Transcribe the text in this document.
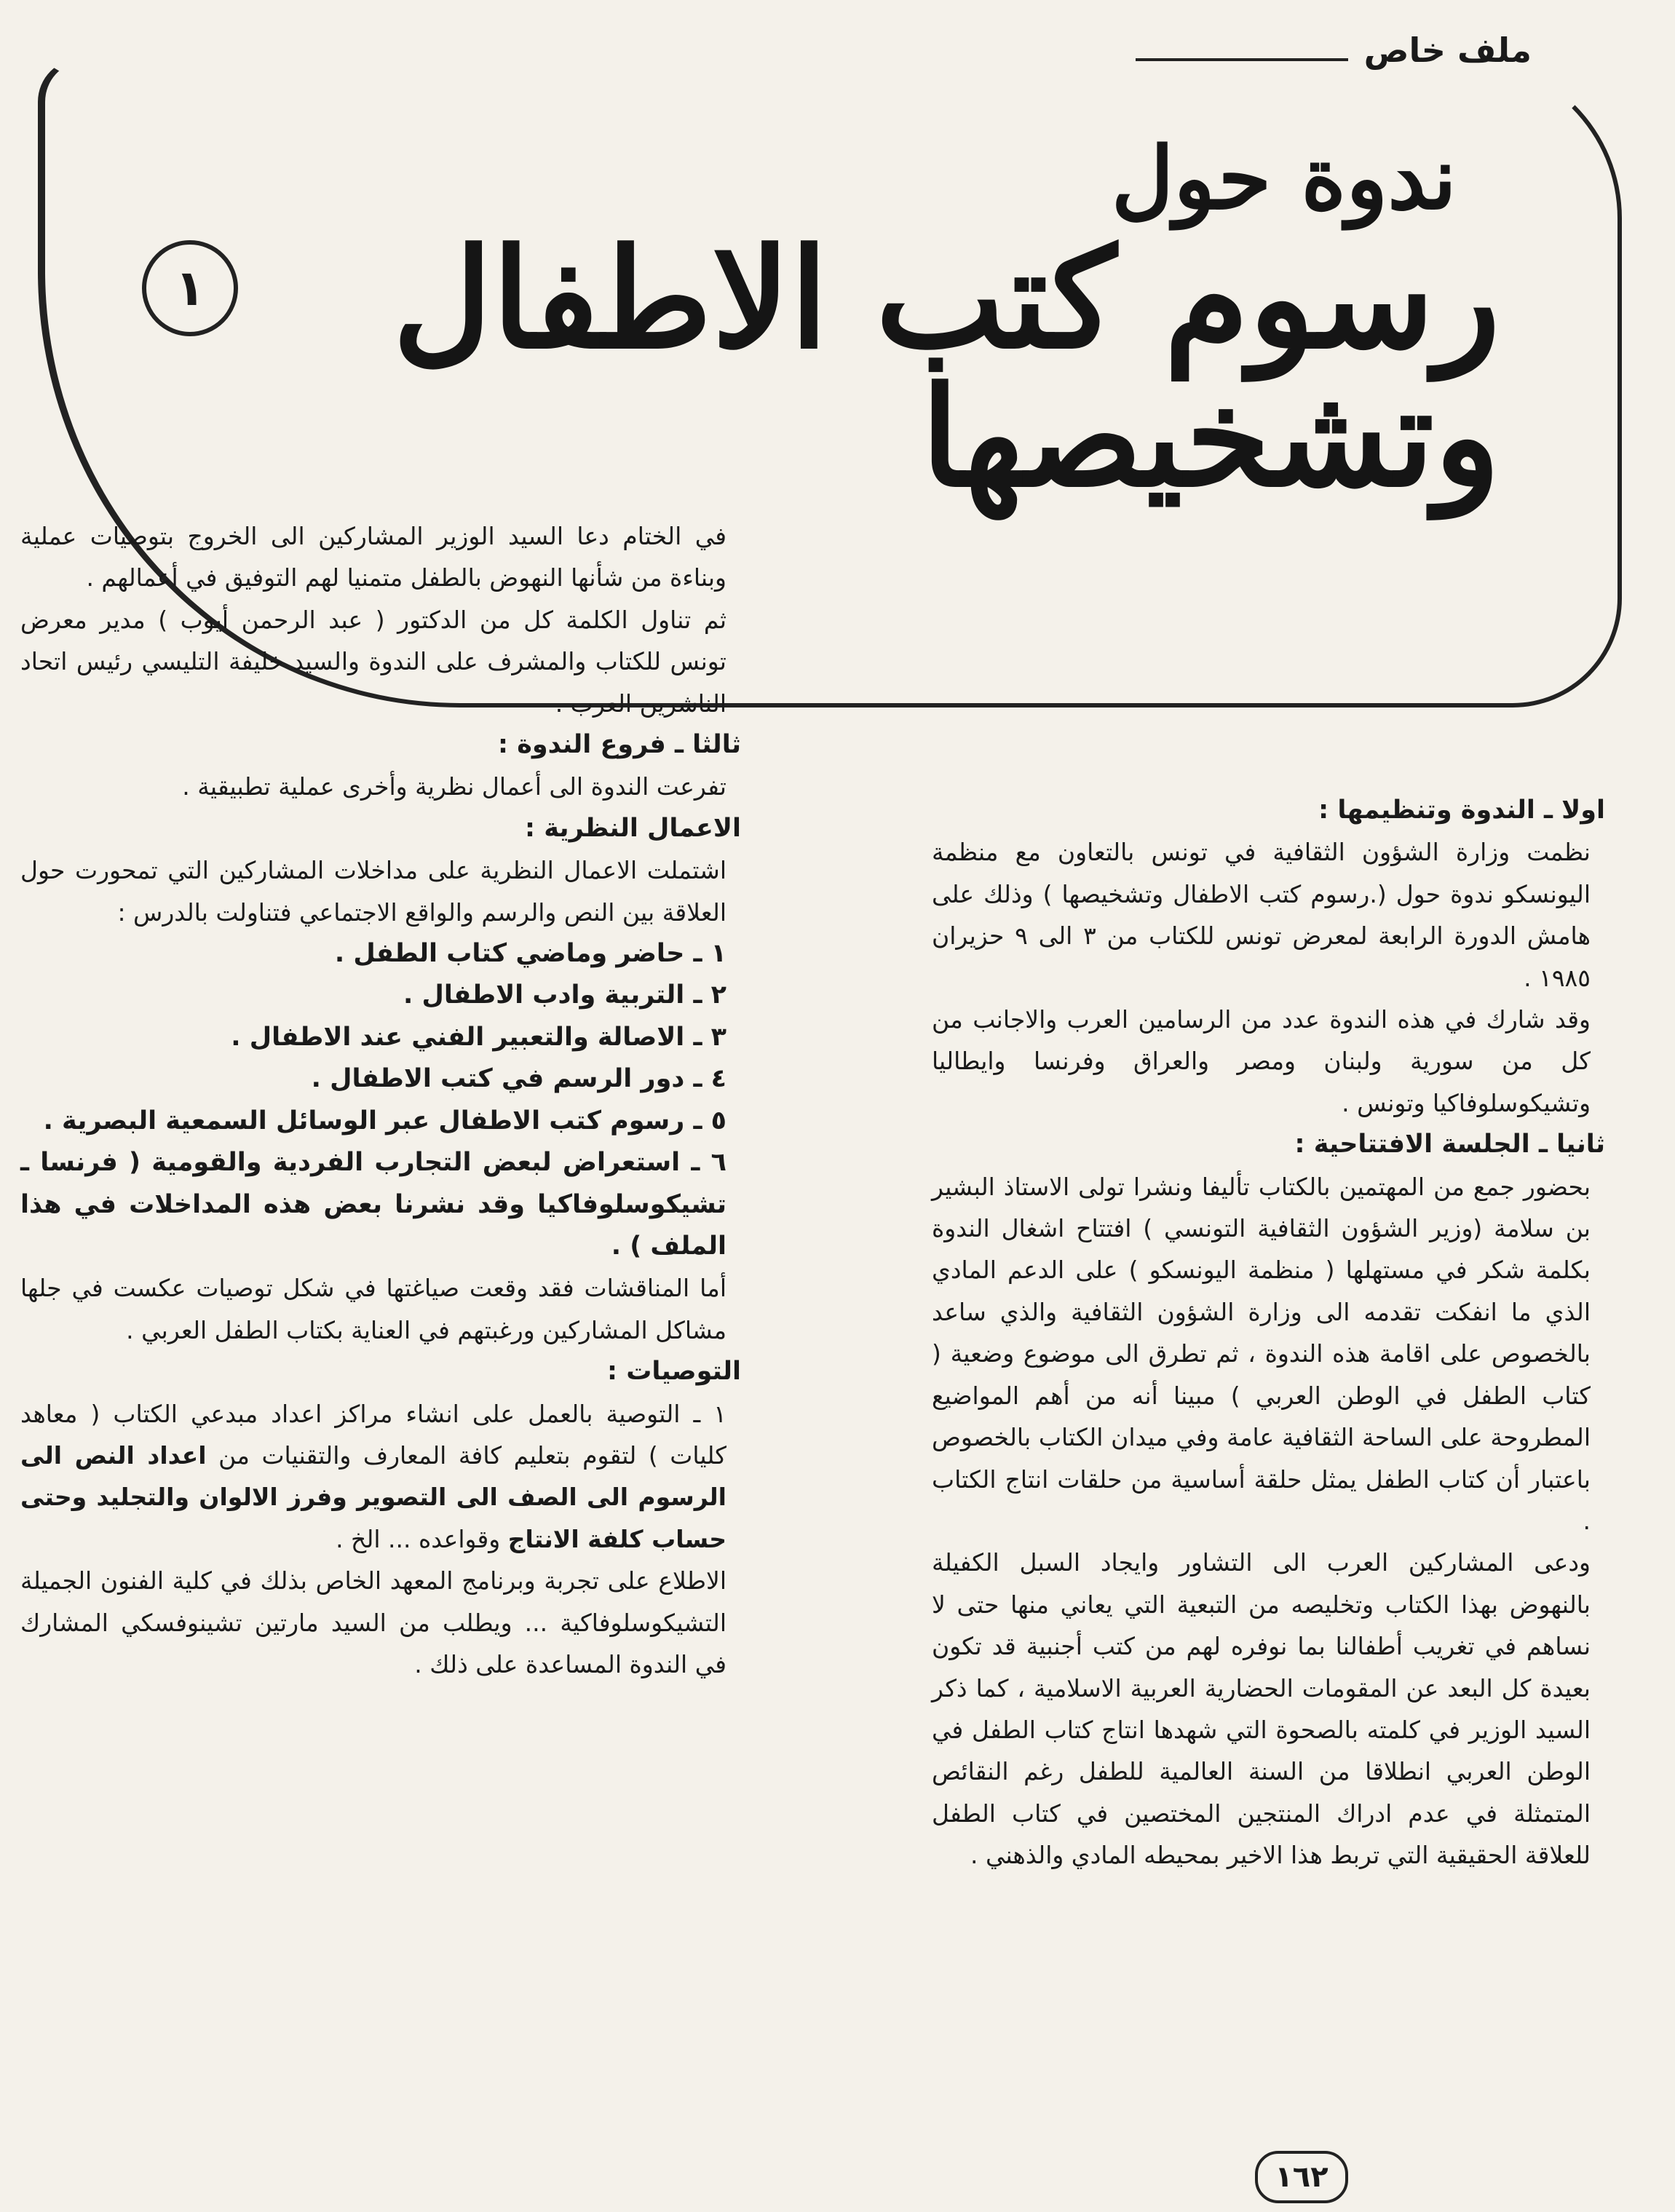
ملف خاص
ندوة حول
رسوم كتب الاطفال
وتشخيصها
١

اولا ـ الندوة وتنظيمها :

نظمت وزارة الشؤون الثقافية في تونس بالتعاون مع منظمة اليونسكو ندوة حول (.رسوم كتب الاطفال وتشخيصها ) وذلك على هامش الدورة الرابعة لمعرض تونس للكتاب من ٣ الى ٩ حزيران ١٩٨٥ .

وقد شارك في هذه الندوة عدد من الرسامين العرب والاجانب من كل من سورية ولبنان ومصر والعراق وفرنسا وايطاليا وتشيكوسلوفاكيا وتونس .

ثانيا ـ الجلسة الافتتاحية :

بحضور جمع من المهتمين بالكتاب تأليفا ونشرا تولى الاستاذ البشير بن سلامة (وزير الشؤون الثقافية التونسي ) افتتاح اشغال الندوة بكلمة شكر في مستهلها ( منظمة اليونسكو ) على الدعم المادي الذي ما انفكت تقدمه الى وزارة الشؤون الثقافية والذي ساعد بالخصوص على اقامة هذه الندوة ، ثم تطرق الى موضوع وضعية ( كتاب الطفل في الوطن العربي ) مبينا أنه من أهم المواضيع المطروحة على الساحة الثقافية عامة وفي ميدان الكتاب بالخصوص باعتبار أن كتاب الطفل يمثل حلقة أساسية من حلقات انتاج الكتاب .

ودعى المشاركين العرب الى التشاور وايجاد السبل الكفيلة بالنهوض بهذا الكتاب وتخليصه من التبعية التي يعاني منها حتى لا نساهم في تغريب أطفالنا بما نوفره لهم من كتب أجنبية قد تكون بعيدة كل البعد عن المقومات الحضارية العربية الاسلامية ، كما ذكر السيد الوزير في كلمته بالصحوة التي شهدها انتاج كتاب الطفل في الوطن العربي انطلاقا من السنة العالمية للطفل رغم النقائص المتمثلة في عدم ادراك المنتجين المختصين في كتاب الطفل للعلاقة الحقيقية التي تربط هذا الاخير بمحيطه المادي والذهني .

في الختام دعا السيد الوزير المشاركين الى الخروج بتوصيات عملية وبناءة من شأنها النهوض بالطفل متمنيا لهم التوفيق في أعمالهم .

ثم تناول الكلمة كل من الدكتور ( عبد الرحمن أيوب ) مدير معرض تونس للكتاب والمشرف على الندوة والسيد خليفة التليسي رئيس اتحاد الناشرين العرب .

ثالثا ـ فروع الندوة :

تفرعت الندوة الى أعمال نظرية وأخرى عملية تطبيقية .

الاعمال النظرية :

اشتملت الاعمال النظرية على مداخلات المشاركين التي تمحورت حول العلاقة بين النص والرسم والواقع الاجتماعي فتناولت بالدرس :

١ ـ حاضر وماضي كتاب الطفل .

٢ ـ التربية وادب الاطفال .

٣ ـ الاصالة والتعبير الفني عند الاطفال .

٤ ـ دور الرسم في كتب الاطفال .

٥ ـ رسوم كتب الاطفال عبر الوسائل السمعية البصرية .

٦ ـ استعراض لبعض التجارب الفردية والقومية ( فرنسا ـ تشيكوسلوفاكيا وقد نشرنا بعض هذه المداخلات في هذا الملف ) .

أما المناقشات فقد وقعت صياغتها في شكل توصيات عكست في جلها مشاكل المشاركين ورغبتهم في العناية بكتاب الطفل العربي .

التوصيات :

١ ـ التوصية بالعمل على انشاء مراكز اعداد مبدعي الكتاب ( معاهد كليات ) لتقوم بتعليم كافة المعارف والتقنيات من اعداد النص الى الرسوم الى الصف الى التصوير وفرز الالوان والتجليد وحتى حساب كلفة الانتاج وقواعده ... الخ .

الاطلاع على تجربة وبرنامج المعهد الخاص بذلك في كلية الفنون الجميلة التشيكوسلوفاكية ... ويطلب من السيد مارتين تشينوفسكي المشارك في الندوة المساعدة على ذلك .

١٦٢
